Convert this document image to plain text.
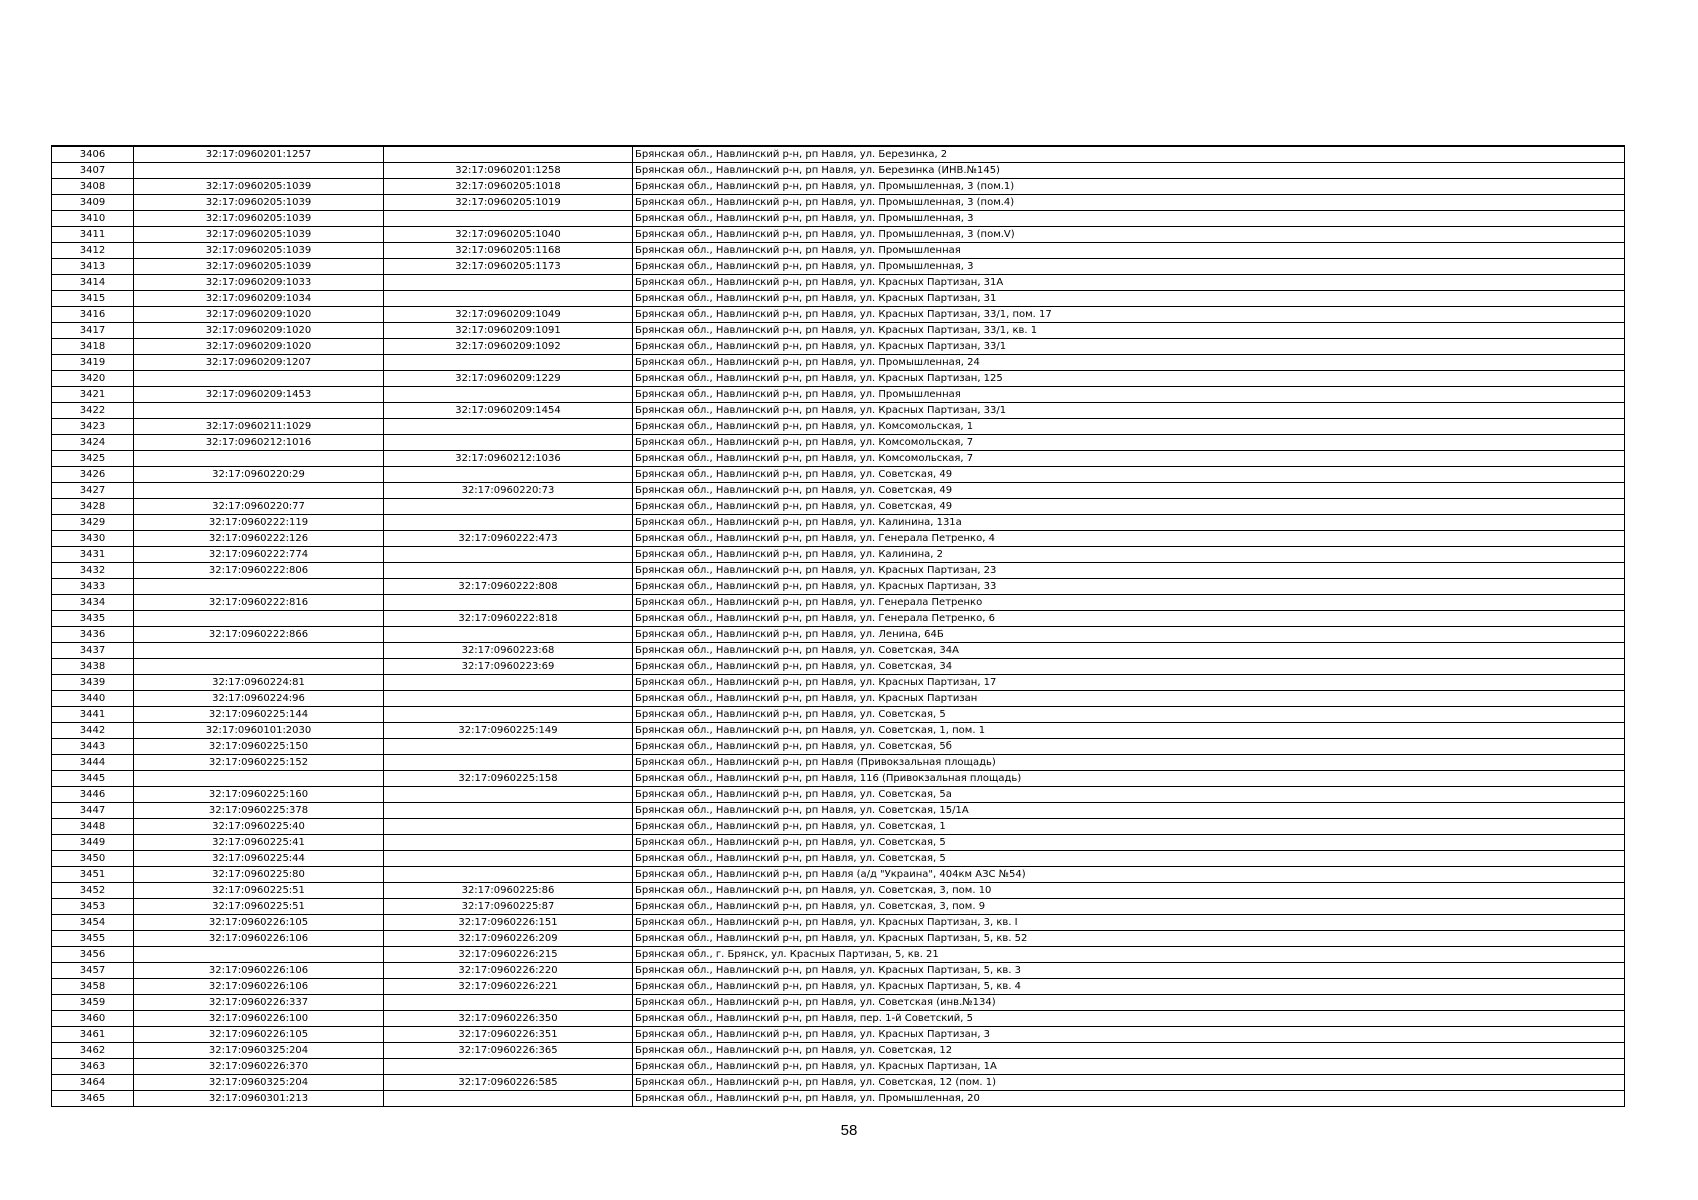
3406	32:17:0960201:1257		Брянская обл., Навлинский р-н, рп Навля, ул. Березинка, 2
3407		32:17:0960201:1258	Брянская обл., Навлинский р-н, рп Навля, ул. Березинка (ИНВ.№145)
3408	32:17:0960205:1039	32:17:0960205:1018	Брянская обл., Навлинский р-н, рп Навля, ул. Промышленная, 3 (пом.1)
3409	32:17:0960205:1039	32:17:0960205:1019	Брянская обл., Навлинский р-н, рп Навля, ул. Промышленная, 3 (пом.4)
3410	32:17:0960205:1039		Брянская обл., Навлинский р-н, рп Навля, ул. Промышленная, 3
3411	32:17:0960205:1039	32:17:0960205:1040	Брянская обл., Навлинский р-н, рп Навля, ул. Промышленная, 3 (пом.V)
3412	32:17:0960205:1039	32:17:0960205:1168	Брянская обл., Навлинский р-н, рп Навля, ул. Промышленная
3413	32:17:0960205:1039	32:17:0960205:1173	Брянская обл., Навлинский р-н, рп Навля, ул. Промышленная, 3
3414	32:17:0960209:1033		Брянская обл., Навлинский р-н, рп Навля, ул. Красных Партизан, 31А
3415	32:17:0960209:1034		Брянская обл., Навлинский р-н, рп Навля, ул. Красных Партизан, 31
3416	32:17:0960209:1020	32:17:0960209:1049	Брянская обл., Навлинский р-н, рп Навля, ул. Красных Партизан, 33/1, пом. 17
3417	32:17:0960209:1020	32:17:0960209:1091	Брянская обл., Навлинский р-н, рп Навля, ул. Красных Партизан, 33/1, кв. 1
3418	32:17:0960209:1020	32:17:0960209:1092	Брянская обл., Навлинский р-н, рп Навля, ул. Красных Партизан, 33/1
3419	32:17:0960209:1207		Брянская обл., Навлинский р-н, рп Навля, ул. Промышленная, 24
3420		32:17:0960209:1229	Брянская обл., Навлинский р-н, рп Навля, ул. Красных Партизан, 125
3421	32:17:0960209:1453		Брянская обл., Навлинский р-н, рп Навля, ул. Промышленная
3422		32:17:0960209:1454	Брянская обл., Навлинский р-н, рп Навля, ул. Красных Партизан, 33/1
3423	32:17:0960211:1029		Брянская обл., Навлинский р-н, рп Навля, ул. Комсомольская, 1
3424	32:17:0960212:1016		Брянская обл., Навлинский р-н, рп Навля, ул. Комсомольская, 7
3425		32:17:0960212:1036	Брянская обл., Навлинский р-н, рп Навля, ул. Комсомольская, 7
3426	32:17:0960220:29		Брянская обл., Навлинский р-н, рп Навля, ул. Советская, 49
3427		32:17:0960220:73	Брянская обл., Навлинский р-н, рп Навля, ул. Советская, 49
3428	32:17:0960220:77		Брянская обл., Навлинский р-н, рп Навля, ул. Советская, 49
3429	32:17:0960222:119		Брянская обл., Навлинский р-н, рп Навля, ул. Калинина, 131а
3430	32:17:0960222:126	32:17:0960222:473	Брянская обл., Навлинский р-н, рп Навля, ул. Генерала Петренко, 4
3431	32:17:0960222:774		Брянская обл., Навлинский р-н, рп Навля, ул. Калинина, 2
3432	32:17:0960222:806		Брянская обл., Навлинский р-н, рп Навля, ул. Красных Партизан, 23
3433		32:17:0960222:808	Брянская обл., Навлинский р-н, рп Навля, ул. Красных Партизан, 33
3434	32:17:0960222:816		Брянская обл., Навлинский р-н, рп Навля, ул. Генерала Петренко
3435		32:17:0960222:818	Брянская обл., Навлинский р-н, рп Навля, ул. Генерала Петренко, 6
3436	32:17:0960222:866		Брянская обл., Навлинский р-н, рп Навля, ул. Ленина, 64Б
3437		32:17:0960223:68	Брянская обл., Навлинский р-н, рп Навля, ул. Советская, 34А
3438		32:17:0960223:69	Брянская обл., Навлинский р-н, рп Навля, ул. Советская, 34
3439	32:17:0960224:81		Брянская обл., Навлинский р-н, рп Навля, ул. Красных Партизан, 17
3440	32:17:0960224:96		Брянская обл., Навлинский р-н, рп Навля, ул. Красных Партизан
3441	32:17:0960225:144		Брянская обл., Навлинский р-н, рп Навля, ул. Советская, 5
3442	32:17:0960101:2030	32:17:0960225:149	Брянская обл., Навлинский р-н, рп Навля, ул. Советская, 1, пом. 1
3443	32:17:0960225:150		Брянская обл., Навлинский р-н, рп Навля, ул. Советская, 5б
3444	32:17:0960225:152		Брянская обл., Навлинский р-н, рп Навля (Привокзальная площадь)
3445		32:17:0960225:158	Брянская обл., Навлинский р-н, рп Навля, 116 (Привокзальная площадь)
3446	32:17:0960225:160		Брянская обл., Навлинский р-н, рп Навля, ул. Советская, 5а
3447	32:17:0960225:378		Брянская обл., Навлинский р-н, рп Навля, ул. Советская, 15/1А
3448	32:17:0960225:40		Брянская обл., Навлинский р-н, рп Навля, ул. Советская, 1
3449	32:17:0960225:41		Брянская обл., Навлинский р-н, рп Навля, ул. Советская, 5
3450	32:17:0960225:44		Брянская обл., Навлинский р-н, рп Навля, ул. Советская, 5
3451	32:17:0960225:80		Брянская обл., Навлинский р-н, рп Навля (а/д "Украина", 404км АЗС №54)
3452	32:17:0960225:51	32:17:0960225:86	Брянская обл., Навлинский р-н, рп Навля, ул. Советская, 3, пом. 10
3453	32:17:0960225:51	32:17:0960225:87	Брянская обл., Навлинский р-н, рп Навля, ул. Советская, 3, пом. 9
3454	32:17:0960226:105	32:17:0960226:151	Брянская обл., Навлинский р-н, рп Навля, ул. Красных Партизан, 3, кв. I
3455	32:17:0960226:106	32:17:0960226:209	Брянская обл., Навлинский р-н, рп Навля, ул. Красных Партизан, 5, кв. 52
3456		32:17:0960226:215	Брянская обл., г. Брянск, ул. Красных Партизан, 5, кв. 21
3457	32:17:0960226:106	32:17:0960226:220	Брянская обл., Навлинский р-н, рп Навля, ул. Красных Партизан, 5, кв. 3
3458	32:17:0960226:106	32:17:0960226:221	Брянская обл., Навлинский р-н, рп Навля, ул. Красных Партизан, 5, кв. 4
3459	32:17:0960226:337		Брянская обл., Навлинский р-н, рп Навля, ул. Советская (инв.№134)
3460	32:17:0960226:100	32:17:0960226:350	Брянская обл., Навлинский р-н, рп Навля, пер. 1-й Советский, 5
3461	32:17:0960226:105	32:17:0960226:351	Брянская обл., Навлинский р-н, рп Навля, ул. Красных Партизан, 3
3462	32:17:0960325:204	32:17:0960226:365	Брянская обл., Навлинский р-н, рп Навля, ул. Советская, 12
3463	32:17:0960226:370		Брянская обл., Навлинский р-н, рп Навля, ул. Красных Партизан, 1А
3464	32:17:0960325:204	32:17:0960226:585	Брянская обл., Навлинский р-н, рп Навля, ул. Советская, 12 (пом. 1)
3465	32:17:0960301:213		Брянская обл., Навлинский р-н, рп Навля, ул. Промышленная, 20
58
